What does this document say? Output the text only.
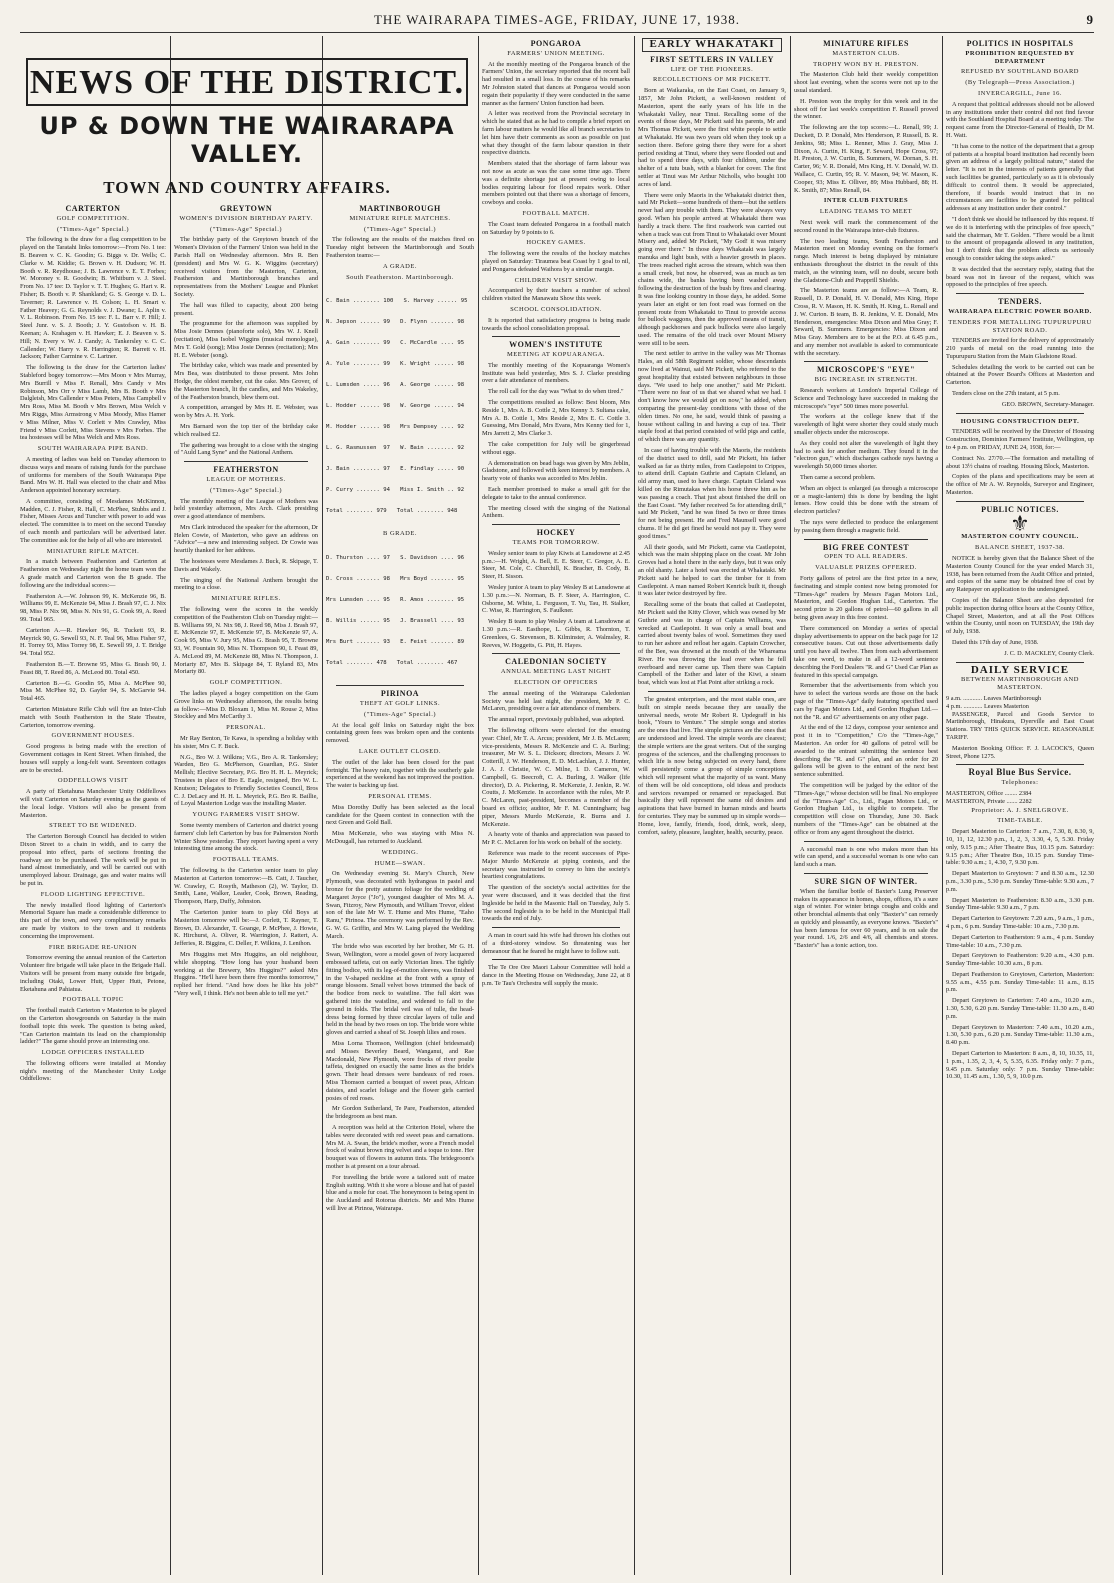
THE WAIRARAPA TIMES-AGE, FRIDAY, JUNE 17, 1938.	9
CARTERTON
GOLF COMPETITION.
("Times-Age" Special.)

The following is the draw for a flag competition to be played on the Taratahi links tomorrow:—From No. 1 tee: B. Beaven v. C. K. Goodin; G. Biggs v. Dr. Wells; C. Clarke v. M. Kiddie; G. Brown v. H. Dudson; W. H. Booth v. R. Reydhouse; J. B. Lawrence v. E. T. Forbes; W. Moroney v. R. Goodwin; B. Whitburn v. J. Steel. From No. 17 tee: D. Taylor v. T. T. Hughes; G. Hart v. R. Fisher; B. Booth v. P. Shankland; G. S. George v. D. L. Taverner; R. Lawrence v. H. Colson; L. H. Smart v. Father Heavey; G. G. Reynolds v. J. Dwane; L. Aplin v. V. L. Robinson. From No. 15 tee: F. L. Barr v. F. Hill; J. Steel Junr. v. S. J. Booth; J. Y. Gustofson v. H. B. Keenan; A. Krahagen v. H. Hawker; E. J. Beaven v. S. Hill; N. Every v. W. J. Candy; A. Tankersley v. C. C. Callender; W. Harry v. R. Harrington; R. Barrett v. H. Jackson; Father Carmine v. C. Lartner.

The following is the draw for the Carterton ladies' Stableford bogey tomorrow:—Mrs Moon v Mrs Murray, Mrs Burrill v Miss F. Renall, Mrs Candy v Mrs Robinson, Mrs Orr v Miss Lamb, Mrs B. Booth v Mrs Dalgleish, Mrs Callender v Miss Peters, Miss Campbell v Mrs Ross, Miss M. Booth v Mrs Brown, Miss Welch v Mrs Riggs, Miss Armstrong v Miss Moody, Miss Hamer v Miss Milner, Miss V. Corlett v Mrs Crawley, Miss Friend v Miss Corlett, Miss Stevens v Mrs Forbes. The tea hostesses will be Miss Welch and Mrs Ross.

SOUTH WAIRARAPA PIPE BAND.

A meeting of ladies was held on Tuesday afternoon to discuss ways and means of raising funds for the purchase of uniforms for members of the South Wairarapa Pipe Band. Mrs W. H. Hall was elected to the chair and Miss Anderson appointed honorary secretary.

A committee, consisting of Mesdames McKinnon, Madden, C. J. Fisher, R. Hall, C. McPhee, Stubbs and J. Fisher, Misses Arcus and Tuncher with power to add was elected. The committee is to meet on the second Tuesday of each month and particulars will be advertised later. The committee ask for the help of all who are interested.

MINIATURE RIFLE MATCH.

In a match between Featherston and Carterton at Featherston on Wednesday night the home team won the A grade match and Carterton won the B grade. The following are the individual scores:—

Featherston A.—W. Johnson 99, K. McKenzie 96, B. Williams 99, E. McKenzie 94, Miss J. Brash 97, C. J. Nix 98, Miss P. Nix 98, Miss N. Nix 91, G. Cook 99, A. Reed 99. Total 965.

Carterton A.—R. Hawker 96, R. Tuckett 93, R. Meyrick 90, G. Sewell 93, N. F. Teal 96, Miss Fisher 97, H. Torrey 93, Miss Torrey 98, E. Sewell 99, J. T. Bridge 94. Total 952.

Featherston B.—T. Browne 95, Miss G. Brash 90, J. Feast 88, T. Reed 86, A. McLeod 80. Total 450.

Carterton B.—G. Goodin 95, Miss A. McPhee 90, Miss M. McPhee 92, D. Gayfer 94, S. McGarvie 94. Total 465.

Carterton Miniature Rifle Club will fire an Inter-Club match with South Featherston in the State Theatre, Carterton, tomorrow evening.

GOVERNMENT HOUSES.

Good progress is being made with the erection of Government cottages in Kent Street. When finished, the houses will supply a long-felt want. Seventeen cottages are to be erected.

ODDFELLOWS VISIT

A party of Eketahuna Manchester Unity Oddfellows will visit Carterton on Saturday evening as the guests of the local lodge. Visitors will also be present from Masterton.

STREET TO BE WIDENED.

The Carterton Borough Council has decided to widen Dixon Street to a chain in width, and to carry the proposal into effect, parts of sections fronting the roadway are to be purchased. The work will be put in hand almost immediately, and will be carried out with unemployed labour. Drainage, gas and water mains will be put in.

FLOOD LIGHTING EFFECTIVE.

The newly installed flood lighting of Carterton's Memorial Square has made a considerable difference to this part of the town, and very complimentary remarks are made by visitors to the town and it residents concerning the improvement.

FIRE BRIGADE RE-UNION

Tomorrow evening the annual reunion of the Carterton Volunteer fire brigade will take place in the Brigade Hall. Visitors will be present from many outside fire brigade, including Otaki, Lower Hutt, Upper Hutt, Petone, Eketahuna and Pahiatua.

FOOTBALL TOPIC

The football match Carterton v Masterton to be played on the Carterton showgrounds on Saturday is the main football topic this week. The question is being asked, "Can Carterton maintain its lead on the championship ladder?" The game should prove an interesting one.

LODGE OFFICERS INSTALLED

The following officers were installed at Monday night's meeting of the Manchester Unity Lodge Oddfellows:

GREYTOWN
WOMEN'S DIVISION BIRTHDAY PARTY.
("Times-Age" Special.)

The birthday party of the Greytown branch of the Women's Division of the Farmers' Union was held in the Parish Hall on Wednesday afternoon. Mrs R. Ben (president) and Mrs W. G. K. Wiggins (secretary) received visitors from the Masterton, Carterton, Featherston and Martinborough branches and representatives from the Mothers' League and Plunket Society.

The hall was filled to capacity, about 200 being present.

The programme for the afternoon was supplied by Miss Josie Dennes (pianoforte solo), Mrs W. J. Knell (recitation), Miss Isobel Wiggins (musical monologue), Mrs T. Gold (song); Miss Josie Dennes (recitation); Mrs H. E. Webster (song).

The birthday cake, which was made and presented by Mrs Bea, was distributed to those present. Mrs John Hodge, the oldest member, cut the cake. Mrs Grover, of the Masterton branch, lit the candles, and Mrs Wakeley, of the Featherston branch, blew them out.

A competition, arranged by Mrs H. E. Webster, was won by Mrs A. H. York.

Mrs Barnard won the top tier of the birthday cake which realised £2.

The gathering was brought to a close with the singing of "Auld Lang Syne" and the National Anthem.

FEATHERSTON
LEAGUE OF MOTHERS.
("Times-Age" Special.)

The monthly meeting of the League of Mothers was held yesterday afternoon, Mrs Arch. Clark presiding over a good attendance of members.

Mrs Clark introduced the speaker for the afternoon, Dr Helen Cowie, of Masterton, who gave an address on "Advice"—a new and interesting subject. Dr Cowie was heartily thanked for her address.

The hostesses were Mesdames J. Buck, R. Skipage, T. Davis and Wakely.

The singing of the National Anthem brought the meeting to a close.

MINIATURE RIFLES.

The following were the scores in the weekly competition of the Featherston Club on Tuesday night:—B. Williams 99, N. Nix 98, J. Reed 98, Miss J. Brash 97, E. McKenzie 97, E. McKenzie 97, B. McKenzie 97, A. Cook 95, Miss V. Jury 95, Miss G. Brash 95, T. Browne 93, W. Fountain 90, Miss N. Thompson 90, I. Feast 89, A. McLeod 89, M. McKenzie 88, Miss N. Thompson, J. Moriarty 87, Mrs B. Skipage 84, T. Ryland 83, Mrs Moriarty 80.

GOLF COMPETITION.

The ladies played a bogey competition on the Gum Grove links on Wednesday afternoon, the results being as follow:—Miss D. Bloxam 1, Miss M. Rouse 2, Miss Stockley and Mrs McCarthy 3.

PERSONAL.

Mr Ray Benton, Te Kawa, is spending a holiday with his sister, Mrs C. F. Buck.

N.G., Bro W. J. Wilkins; V.G., Bro A. R. Tankersley; Warden, Bro G. McPherson, Guardian, P.G. Sister Mellish; Elective Secretary, P.G. Bro H. H. L. Meyrick; Trustees in place of Bro E. Eagle, resigned, Bro W. L. Knutson; Delegates to Friendly Societies Council, Bros C. J. DeLacy and H. H. L. Meyrick, P.G. Bro R. Baillie, of Loyal Masterton Lodge was the installing Master.

YOUNG FARMERS VISIT SHOW.

Some twenty members of Carterton and district young farmers' club left Carterton by bus for Palmerston North Winter Show yesterday. They report having spent a very interesting time among the stock.

FOOTBALL TEAMS.

The following is the Carterton senior team to play Masterton at Carterton tomorrow:—B. Catt, J. Taucher, W. Crawley, C. Rosyth, Matheson (2), W. Taylor, D. Smith, Lane, Walker, Leader, Cook, Brown, Reading, Thompson, Harp, Duffy, Johnston.

The Carterton junior team to play Old Boys at Masterton tomorrow will be:—J. Corlett, T. Rayner, T. Brown, D. Alexander, T. Goange, P. McPhee, J. Howie, K. Hirchurst, A. Oliver, R. Warrington, J. Rattert, A. Jefferies, R. Biggins, C. Deller, F. Wilkins, J. Lenihon.

Mrs Huggins met Mrs Huggins, an old neighbour, while shopping. "How long has your husband been working at the Brewery, Mrs Huggins?" asked Mrs Huggins. "He'll have been there five months tomorrow," replied her friend. "And how does he like his job?" "Very well, I think. He's not been able to tell me yet."

MARTINBOROUGH
MINIATURE RIFLE MATCHES.
("Times-Age" Special.)

The following are the results of the matches fired on Tuesday night between the Martinborough and South Featherston teams:—

A GRADE.
South Featherston. Martinborough.

C. Bain ........ 100   S. Harvey ...... 95

N. Jepson ...... 99   D. Flynn ....... 98

A. Gain ........ 99   C. McCardle .... 95

A. Yule ........ 99   K. Wright ...... 98

L. Lumsden ..... 96   A. George ...... 98

L. Hodder ...... 98   W. George ...... 94

M. Hodder ...... 98   Mrs Dempsey .... 92

L. G. Rasmussen  97   W. Bain ........ 92

J. Bain ........ 97   E. Findlay ..... 90

P. Curry ....... 94   Miss I. Smith .. 92

Total ........ 979   Total ........ 948

B GRADE.

D. Thurston .... 97   S. Davidson .... 96

D. Cross ....... 98   Mrs Boyd ....... 95

Mrs Lumsden .... 95   R. Amos ........ 95

B. Willis ...... 95   J. Brassell .... 93

Mrs Burt ....... 93   E. Feist ....... 89

Total ........ 478   Total ........ 467

PIRINOA
THEFT AT GOLF LINKS.
("Times-Age" Special.)

At the local golf links on Saturday night the box containing green fees was broken open and the contents removed.

LAKE OUTLET CLOSED.

The outlet of the lake has been closed for the past fortnight. The heavy rain, together with the southerly gale experienced at the weekend has not improved the position. The water is backing up fast.

PERSONAL ITEMS.

Miss Dorothy Duffy has been selected as the local candidate for the Queen contest in connection with the next Green and Gold Ball.

Miss McKenzie, who was staying with Miss N. McDougall, has returned to Auckland.

WEDDING.
HUME—SWAN.

On Wednesday evening St. Mary's Church, New Plymouth, was decorated with hydrangeas in pastel and bronze for the pretty autumn foliage for the wedding of Margaret Joyce ("Jo"), youngest daughter of Mrs M. A. Swan, Fitzroy, New Plymouth, and William Trevor, eldest son of the late Mr W. T. Hume and Mrs Hume, "Eaho Ranu," Pirinoa. The ceremony was performed by the Rev. G. W. G. Griffin, and Mrs W. Laing played the Wedding March.

The bride who was escorted by her brother, Mr G. H. Swan, Wellington, wore a model gown of ivory lacquered embossed taffeta, cut on early Victorian lines. The tightly fitting bodice, with its leg-of-mutton sleeves, was finished in the V-shaped neckline at the front with a spray of orange blossom. Small velvet bows trimmed the back of the bodice from neck to waistline. The full skirt was gathered into the waistline, and widened to fall to the ground in folds. The bridal veil was of tulle, the head-dress being formed by three circular layers of tulle and held in the head by two roses on top. The bride wore white gloves and carried a sheaf of St. Joseph lilies and roses.

Miss Lorna Thomson, Wellington (chief bridesmaid) and Misses Beverley Beard, Wanganui, and Rae Macdonald, New Plymouth, wore frocks of river poulte taffeta, designed on exactly the same lines as the bride's gown. Their head dresses were bandeaux of red roses. Miss Thomson carried a bouquet of sweet peas, African daisies, and scarlet foliage and the flower girls carried posies of red roses.

Mr Gordon Sutherland, Te Pare, Featherston, attended the bridegroom as best man.

A reception was held at the Criterion Hotel, where the tables were decorated with red sweet peas and carnations. Mrs M. A. Swan, the bride's mother, wore a French model frock of walnut brown ring velvet and a toque to tone. Her bouquet was of flowers in autumn tints. The bridegroom's mother is at present on a tour abroad.

For travelling the bride wore a tailored suit of maize English suiting. With it she wore a blouse and hat of pastel blue and a mole fur coat. The honeymoon is being spent in the Auckland and Rotorua districts. Mr and Mrs Hume will live at Pirinoa, Wairarapa.

NEWS OF THE DISTRICT.
UP & DOWN THE WAIRARAPA VALLEY.
TOWN AND COUNTRY AFFAIRS.
PONGAROA
FARMERS' UNION MEETING.

At the monthly meeting of the Pongaroa branch of the Farmers' Union, the secretary reported that the recent ball had resulted in a small loss. In the course of his remarks Mr Johnston stated that dances at Pongaroa would soon regain their popularity if they were conducted in the same manner as the farmers' Union function had been.

A letter was received from the Provincial secretary in which he stated that as he had to compile a brief report on farm labour matters he would like all branch secretaries to let him have their comments as soon as possible on just what they thought of the farm labour question in their respective districts.

Members stated that the shortage of farm labour was not now as acute as was the case some time ago. There was a definite shortage just at present owing to local bodies requiring labour for flood repairs work. Other members pointed out that there was a shortage of fencers, cowboys and cooks.

FOOTBALL MATCH.

The Coast team defeated Pongaroa in a football match on Saturday by 9 points to 6.

HOCKEY GAMES.

The following were the results of the hockey matches played on Saturday: Tiraumea beat Coast by 1 goal to nil, and Pongaroa defeated Waihora by a similar margin.

CHILDREN VISIT SHOW.

Accompanied by their teachers a number of school children visited the Manawatu Show this week.

SCHOOL CONSOLIDATION.

It is reported that satisfactory progress is being made towards the school consolidation proposal.

WOMEN'S INSTITUTE
MEETING AT KOPUARANGA.

The monthly meeting of the Kopuaranga Women's Institute was held yesterday, Mrs S. J. Clarke presiding over a fair attendance of members.

The roll call for the day was "What to do when tired."

The competitions resulted as follow: Best bloom, Mrs Reside 1, Mrs A. B. Cottle 2, Mrs Kenny 3. Sultana cake, Mrs A. B. Cottle 1, Mrs Reside 2, Mrs E. C. Cottle 3. Guessing, Mrs Donald, Mrs Evans, Mrs Kenny tied for 1, Mrs Jarrett 2, Mrs Clarke 3.

The cake competition for July will be gingerbread without eggs.

A demonstration on bead bags was given by Mrs Jeblin, Gladstone, and followed with keen interest by members. A hearty vote of thanks was accorded to Mrs Jeblin.

Each member promised to make a small gift for the delegate to take to the annual conference.

The meeting closed with the singing of the National Anthem.

HOCKEY
TEAMS FOR TOMORROW.

Wesley senior team to play Kiwis at Lansdowne at 2.45 p.m.:—H. Wright, A. Bell, E. E. Steer, C. Gregor, A. E. Steer, M. Cole, C. Churchill, K. Bracher, B. Cody, B. Steer, H. Sisson.

Wesley junior A team to play Wesley B at Lansdowne at 1.30 p.m.:—N. Norman, B. F. Steer, A. Harrington, C. Osborne, M. White, L. Ferguson, T. Yu, Tau, H. Stalker, C. Wise, R. Harrington, S. Faulkner.

Wesley B team to play Wesley A team at Lansdowne at 1.30 p.m.:—R. Easthope, L. Gibbs, R. Thornton, T. Greenlees, G. Stevenson, B. Kilminster, A. Walmsley, R. Reeves, W. Hoggetts, G. Pitt, H. Hayes.

CALEDONIAN SOCIETY
ANNUAL MEETING LAST NIGHT
ELECTION OF OFFICERS

The annual meeting of the Wairarapa Caledonian Society was held last night, the president, Mr P. C. McLaren, presiding over a fair attendance of members.

The annual report, previously published, was adopted.

The following officers were elected for the ensuing year: Chief, Mr T. A. Arcus; president, Mr J. B. McLaren; vice-presidents, Messrs R. McKenzie and C. A. Burling; treasurer, Mr W. S. L. Dickson; directors, Messrs J. W. Cotterill, J. W. Henderson, E. D. McLachlan, J. J. Hunter, J. A. J. Christie, W. C. Milne, I. D. Cameron, W. Campbell, G. Beecroft, C. A. Burling, J. Walker (life director), D. A. Pickering, R. McKenzie, J. Jenkin, R. W. Coutts, J. McKenzie. In accordance with the rules, Mr P. C. McLaren, past-president, becomes a member of the board ex officio; auditor, Mr F. M. Cunningham; bag piper, Messrs Murdo McKenzie, R. Burns and J. McKenzie.

A hearty vote of thanks and appreciation was passed to Mr P. C. McLaren for his work on behalf of the society.

Reference was made to the recent successes of Pipe-Major Murdo McKenzie at piping contests, and the secretary was instructed to convey to him the society's heartiest congratulations.

The question of the society's social activities for the year were discussed, and it was decided that the first Ingleside be held in the Masonic Hall on Tuesday, July 5. The second Ingleside is to be held in the Municipal Hall towards the end of July.

A man in court said his wife had thrown his clothes out of a third-storey window. So threatening was her demeanour that he feared he might have to follow suit.

The Te Ore Ore Maori Labour Committee will hold a dance in the Meeting House on Wednesday, June 22, at 8 p.m. Te Tau's Orchestra will supply the music.

EARLY WHAKATAKI
FIRST SETTLERS IN VALLEY
LIFE OF THE PIONEERS.
RECOLLECTIONS OF MR PICKETT.

Born at Waikaraka, on the East Coast, on January 9, 1857, Mr John Pickett, a well-known resident of Masterton, spent the early years of his life in the Whakataki Valley, near Tinui. Recalling some of the events of those days, Mr Pickett said his parents, Mr and Mrs Thomas Pickett, were the first white people to settle at Whakataki. He was two years old when they took up a section there. Before going there they were for a short period residing at Tinui, where they were flooded out and had to spend three days, with four children, under the shelter of a tutu bush, with a blanket for cover. The first settler at Tinui was Mr Arthur Nicholls, who bought 100 acres of land.

There were only Maoris in the Whakataki district then, said Mr Pickett—some hundreds of them—but the settlers never had any trouble with them. They were always very good. When his people arrived at Whakataki there was hardly a track there. The first roadwork was carried out when a track was cut from Tinui to Whakataki over Mount Misery and, added Mr Pickett, "My God! it was misery going over there." In those days Whakataki was largely manuka and light bush, with a heavier growth in places. The trees reached right across the stream, which was then a small creek, but now, he observed, was as much as ten chains wide, the banks having been washed away following the destruction of the bush by fires and clearing. It was fine looking country in those days, he added. Some years later an eight or ten foot road was formed on the present route from Whakataki to Tinui to provide access for bullock waggons, then the approved means of transit, although packhorses and pack bullocks were also largely used. The remains of the old track over Mount Misery were still to be seen.

The next settler to arrive in the valley was Mr Thomas Hales, an old 58th Regiment soldier, whose descendants now lived at Wainui, said Mr Pickett, who referred to the great hospitality that existed between neighbours in those days. "We used to help one another," said Mr Pickett. "There were no fear of us that we shared what we had. I don't know how we would get on now," he added, when comparing the present-day conditions with those of the olden times. No one, he said, would think of passing a house without calling in and having a cup of tea. Their staple food at that period consisted of wild pigs and cattle, of which there was any quantity.

In case of having trouble with the Maoris, the residents of the district used to drill, said Mr Pickett, his father walked as far as thirty miles, from Castlepoint to Crippes, to attend drill. Captain Guthrie and Captain Cleland, an old army man, used to have charge. Captain Cleland was killed on the Rimutakas when his horse threw him as he was passing a coach. That just about finished the drill on the East Coast. "My father received 5s for attending drill," said Mr Pickett, "and he was fined 5s two or three times for not being present. He and Fred Maunsell were good chums. If he did get fined he would not pay it. They were good times."

All their goods, said Mr Pickett, came via Castlepoint, which was the main shipping place on the coast. Mr John Groves had a hotel there in the early days, but it was only an old shanty. Later a hotel was erected at Whakataki. Mr Pickett said he helped to cart the timber for it from Castlepoint. A man named Robert Kenrick built it, though it was later twice destroyed by fire.

Recalling some of the boats that called at Castlepoint, Mr Pickett said the Kitty Clover, which was owned by Mr Guthrie and was in charge of Captain Williams, was wrecked at Castlepoint. It was only a small boat and carried about twenty bales of wool. Sometimes they used to run her ashore and refloat her again. Captain Crowcher, of the Bee, was drowned at the mouth of the Whareama River. He was throwing the lead over when he fell overboard and never came up. Then there was Captain Campbell of the Esther and later of the Kiwi, a steam boat, which was lost at Flat Point after striking a rock.

The greatest enterprises, and the most stable ones, are built on simple needs because they are usually the universal needs, wrote Mr Robert R. Updegraff in his book, "Yours to Venture." The simple songs and stories are the ones that live. The simple pictures are the ones that are understood and loved. The simple words are clearest; the simple writers are the great writers. Out of the surging progress of the sciences, and the challenging processes to which life is now being subjected on every hand, there will persistently come a group of simple conceptions which will represent what the majority of us want. Many of them will be old conceptions, old ideas and products and services revamped or renamed or repackaged. But basically they will represent the same old desires and aspirations that have burned in human minds and hearts for centuries. They may be summed up in simple words—Home, love, family, friends, food, drink, work, sleep, comfort, safety, pleasure, laughter, health, security, peace.

MINIATURE RIFLES
MASTERTON CLUB.
TROPHY WON BY H. PRESTON.

The Masterton Club held their weekly competition shoot last evening, when the scores were not up to the usual standard.

H. Preston won the trophy for this week and in the shoot off for last week's competition F. Russell proved the winner.

The following are the top scores:—L. Renall, 99; J. Duckett, D. P. Donald, Mrs Henderson, P. Russell, B. R. Jenkins, 98; Miss L. Renner, Miss J. Gray, Miss J. Dixon, A. Curtin, H. King, F. Seward, Hope Cross, 97; H. Preston, J. W. Curtin, B. Summers, W. Dornan, S. H. Carter, 96; V. R. Donald, Mrs King, H. V. Donald, W. D. Wallace, C. Curtin, 95; R. V. Mason, 94; W. Mason, K. Cooper, 93; Miss E. Olliver, 89; Miss Hubbard, 88; H. K. Smith, 87; Miss Renall, 84.

INTER CLUB FIXTURES
LEADING TEAMS TO MEET

Next week will mark the commencement of the second round in the Wairarapa inter-club fixtures.

The two leading teams, South Featherston and Masterton meet on Monday evening on the former's range. Much interest is being displayed by miniature enthusiasts throughout the district in the result of this match, as the winning team, will no doubt, secure both the Gladstone-Club and Prapprill Shields.

The Masterton teams are as follow:—A Team, R. Russell, D. P. Donald, H. V. Donald, Mrs King, Hope Cross, R. V. Mason, H. K. Smith, H. King, L. Renall and J. W. Curton. B team, B. R. Jenkins, V. E. Donald, Mrs Henderson, emergencies: Miss Dixon and Miss Gray; F. Seward, B. Summers. Emergencies: Miss Dixon and Miss Gray. Members are to be at the P.O. at 6.45 p.m., and any member not available is asked to communicate with the secretary.

MICROSCOPE'S "EYE"
BIG INCREASE IN STRENGTH.

Research workers at London's Imperial College of Science and Technology have succeeded in making the microscope's "eye" 500 times more powerful.

The workers at the college knew that if the wavelength of light were shorter they could study much smaller objects under the microscope.

As they could not alter the wavelength of light they had to seek for another medium. They found it in the "electron gun," which discharges cathode rays having a wavelength 50,000 times shorter.

Then came a second problem.

When an object is enlarged (as through a microscope or a magic-lantern) this is done by bending the light lenses. How could this be done with the stream of electron particles?

The rays were deflected to produce the enlargement by passing them through a magnetic field.

BIG FREE CONTEST
OPEN TO ALL READERS.
VALUABLE PRIZES OFFERED.

Forty gallons of petrol are the first prize in a new, fascinating and simple contest now being promoted for "Times-Age" readers by Messrs Fagan Motors Ltd., Masterton, and Gordon Hughan Ltd., Carterton. The second prize is 20 gallons of petrol—60 gallons in all being given away in this free contest.

There commenced on Monday a series of special display advertisements to appear on the back page for 12 consecutive issues. Cut out those advertisements daily until you have all twelve. Then from each advertisement take one word, to make in all a 12-word sentence describing the Ford Dealers "R. and G" Used Car Plan as featured in this special campaign.

Remember that the advertisements from which you have to select the various words are those on the back page of the "Times-Age" daily featuring specified used cars by Fagan Motors Ltd., and Gordon Hughan Ltd.—not the "R. and G" advertisements on any other page.

At the end of the 12 days, compose your sentence and post it in to "Competition," C/o the "Times-Age," Masterton. An order for 40 gallons of petrol will be awarded to the entrant submitting the sentence best describing the "R. and G" plan, and an order for 20 gallons will be given to the entrant of the next best sentence submitted.

The competition will be judged by the editor of the "Times-Age," whose decision will be final. No employee of the "Times-Age" Co., Ltd., Fagan Motors Ltd., or Gordon Hughan Ltd., is eligible to compete. The competition will close on Thursday, June 30. Back numbers of the "Times-Age" can be obtained at the office or from any agent throughout the district.

A successful man is one who makes more than his wife can spend, and a successful woman is one who can land such a man.

SURE SIGN OF WINTER.

When the familiar bottle of Baxter's Lung Preserver makes its appearance in homes, shops, offices, it's a sure sign of winter. For winter brings coughs and colds and other bronchial ailments that only "Baxter's" can remedy as quickly and pleasantly, as everyone knows. "Baxter's" has been famous for over 60 years, and is on sale the year round. 1/6, 2/6 and 4/6, all chemists and stores. "Baxter's" has a tonic action, too.

POLITICS IN HOSPITALS
PROHIBITION REQUESTED BY DEPARTMENT
REFUSED BY SOUTHLAND BOARD
(By Telegraph—Press Association.)
INVERCARGILL, June 16.

A request that political addresses should not be allowed in any institutions under their control did not find favour with the Southland Hospital Board at a meeting today. The request came from the Director-General of Health, Dr M. H. Watt.

"It has come to the notice of the department that a group of patients at a hospital board institution had recently been given an address of a largely political nature," stated the letter. "It is not in the interests of patients generally that such facilities be granted, particularly so as it is obviously difficult to control them. It would be appreciated, therefore, if boards would instruct that in no circumstances are facilities to be granted for political addresses at any institution under their control."

"I don't think we should be influenced by this request. If we do it is interfering with the principles of free speech," said the chairman, Mr T. Golden. "There would be a limit to the amount of propaganda allowed in any institution, but I don't think that the problem affects us seriously enough to consider taking the steps asked."

It was decided that the secretary reply, stating that the board was not in favour of the request, which was opposed to the principles of free speech.

TENDERS.
WAIRARAPA ELECTRIC POWER BOARD.
TENDERS FOR METALLING TUPURUPURU STATION ROAD.

TENDERS are invited for the delivery of approximately 210 yards of metal on the road running into the Tupurupuru Station from the Main Gladstone Road.

Schedules detailing the work to be carried out can be obtained at the Power Board's Offices at Masterton and Carterton.

Tenders close on the 27th instant, at 5 p.m.

GEO. BROWN, Secretary-Manager.
HOUSING CONSTRUCTION DEPT.

TENDERS will be received by the Director of Housing Construction, Dominion Farmers' Institute, Wellington, up to 4 p.m. on FRIDAY, JUNE 24, 1938, for:—

Contract No. 27/70.—The formation and metalling of about 13½ chains of roading. Housing Block, Masterton.

Copies of the plans and specifications may be seen at the office of Mr A. W. Reynolds, Surveyor and Engineer, Masterton.

PUBLIC NOTICES.
⚜
MASTERTON COUNTY COUNCIL.
BALANCE SHEET, 1937-38.

NOTICE is hereby given that the Balance Sheet of the Masterton County Council for the year ended March 31, 1938, has been returned from the Audit Office and printed, and copies of the same may be obtained free of cost by any Ratepayer on application to the undersigned.

Copies of the Balance Sheet are also deposited for public inspection during office hours at the County Office, Chapel Street, Masterton, and at all the Post Offices within the County, until noon on TUESDAY, the 19th day of July, 1938.

Dated this 17th day of June, 1938.

J. C. D. MACKLEY, County Clerk.
DAILY SERVICE
BETWEEN MARTINBOROUGH AND MASTERTON.
9 a.m. ............ Leaves Martinborough
4 p.m. ............ Leaves Masterton

PASSENGER, Parcel and Goods Service to Martinborough, Hinakura, Dyerville and East Coast Stations. TRY THIS QUICK SERVICE. REASONABLE TARIFF.

Masterton Booking Office: F. J. LACOCK'S, Queen Street, Phone 1275.

Royal Blue Bus Service.
Telephones:
MASTERTON, Office ........ 2384
MASTERTON, Private ....... 2282
Proprietor: A. J. SNELGROVE.
TIME-TABLE.

Depart Masterton to Carterton: 7 a.m., 7.30, 8, 8.30, 9, 10, 11, 12, 12.30 p.m., 1, 2, 3, 3.30, 4, 5, 5.30. Friday only, 9.15 p.m.; After Theatre Bus, 10.15 p.m. Saturday: 9.15 p.m.; After Theatre Bus, 10.15 p.m. Sunday Time-table: 9.30 a.m.; 1, 4.30, 7, 9.30 p.m.

Depart Masterton to Greytown: 7 and 8.30 a.m., 12.30 p.m., 3.30 p.m., 5.30 p.m. Sunday Time-table: 9.30 a.m., 7 p.m.

Depart Masterton to Featherston: 8.30 a.m., 3.30 p.m. Sunday Time-table: 9.30 a.m., 7 p.m.

Depart Carterton to Greytown: 7.20 a.m., 9 a.m., 1 p.m., 4 p.m., 6 p.m. Sunday Time-table: 10 a.m., 7.30 p.m.

Depart Carterton to Featherston: 9 a.m., 4 p.m. Sunday Time-table: 10 a.m., 7.30 p.m.

Depart Greytown to Featherston: 9.20 a.m., 4.30 p.m. Sunday Time-table: 10.30 a.m., 8 p.m.

Depart Featherston to Greytown, Carterton, Masterton: 9.55 a.m., 4.55 p.m. Sunday Time-table: 11 a.m., 8.15 p.m.

Depart Greytown to Carterton: 7.40 a.m., 10.20 a.m., 1.30, 5.30, 6.20 p.m. Sunday Time-table: 11.30 a.m., 8.40 p.m.

Depart Greytown to Masterton: 7.40 a.m., 10.20 a.m., 1.30, 5.30 p.m., 6.20 p.m. Sunday Time-table: 11.30 a.m., 8.40 p.m.

Depart Carterton to Masterton: 8 a.m., 8, 10, 10.35, 11, 1 p.m., 1.35, 2, 3, 4, 5, 5.35, 6.35. Friday only: 7 p.m., 9.45 p.m. Saturday only: 7 p.m. Sunday Time-table: 10.30, 11.45 a.m., 1.30, 5, 9, 10.0 p.m.
